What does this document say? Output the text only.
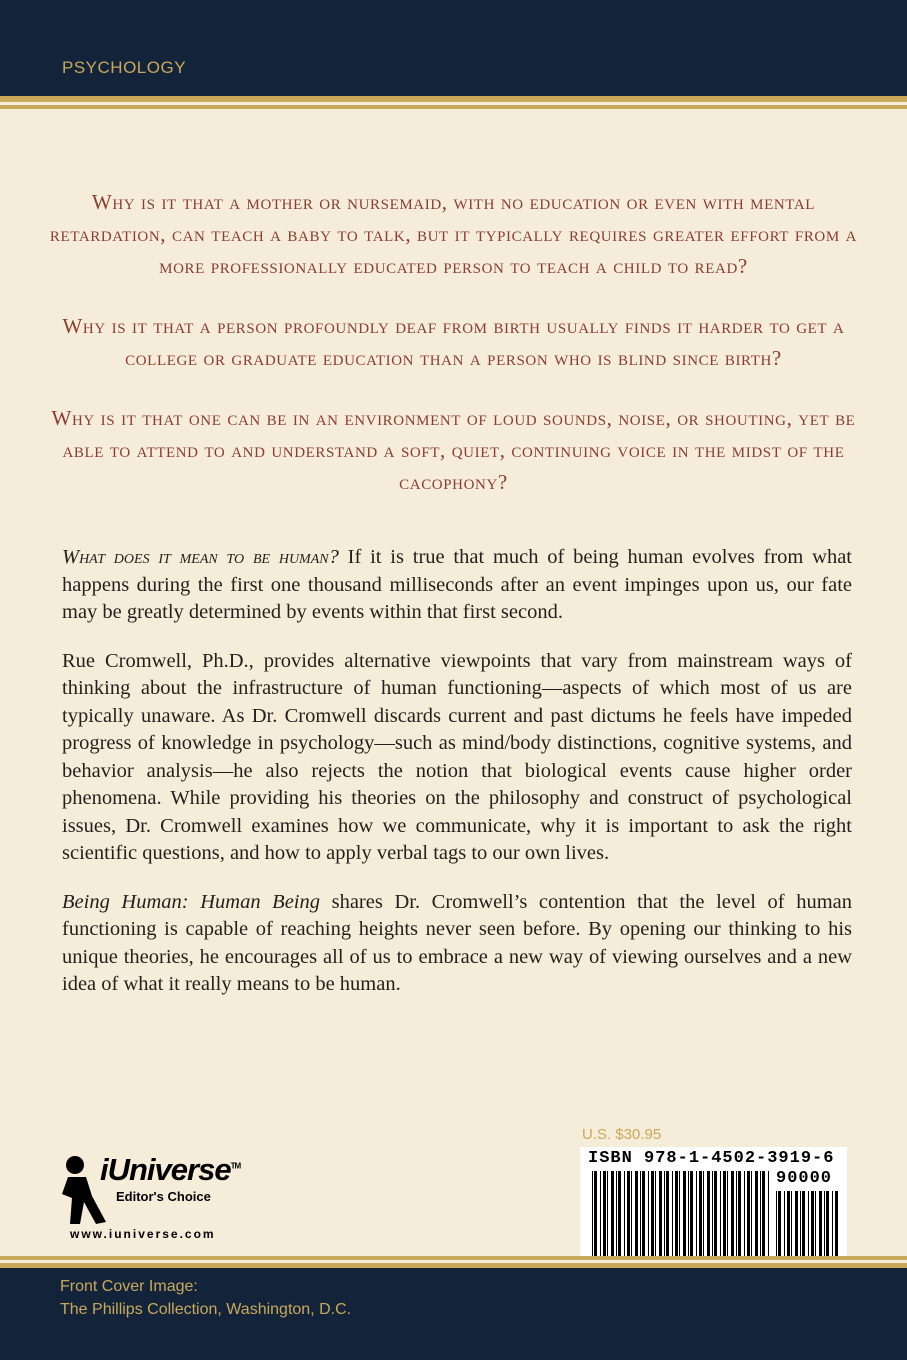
PSYCHOLOGY

Why is it that a mother or nursemaid, with no education or even with mental retardation, can teach a baby to talk, but it typically requires greater effort from a more professionally educated person to teach a child to read?

Why is it that a person profoundly deaf from birth usually finds it harder to get a college or graduate education than a person who is blind since birth?

Why is it that one can be in an environment of loud sounds, noise, or shouting, yet be able to attend to and understand a soft, quiet, continuing voice in the midst of the cacophony?

What does it mean to be human? If it is true that much of being human evolves from what happens during the first one thousand milliseconds after an event impinges upon us, our fate may be greatly determined by events within that first second.

Rue Cromwell, Ph.D., provides alternative viewpoints that vary from mainstream ways of thinking about the infrastructure of human functioning—aspects of which most of us are typically unaware. As Dr. Cromwell discards current and past dictums he feels have impeded progress of knowledge in psychology—such as mind/body distinctions, cognitive systems, and behavior analysis—he also rejects the notion that biological events cause higher order phenomena. While providing his theories on the philosophy and construct of psychological issues, Dr. Cromwell examines how we communicate, why it is important to ask the right scientific questions, and how to apply verbal tags to our own lives.

Being Human: Human Being shares Dr. Cromwell’s contention that the level of human functioning is capable of reaching heights never seen before. By opening our thinking to his unique theories, he encourages all of us to embrace a new way of viewing ourselves and a new idea of what it really means to be human.

iUniverse™
Editor's Choice
www.iuniverse.com
U.S. $30.95
ISBN 978-1-4502-3919-6
90000
Front Cover Image:
The Phillips Collection, Washington, D.C.
